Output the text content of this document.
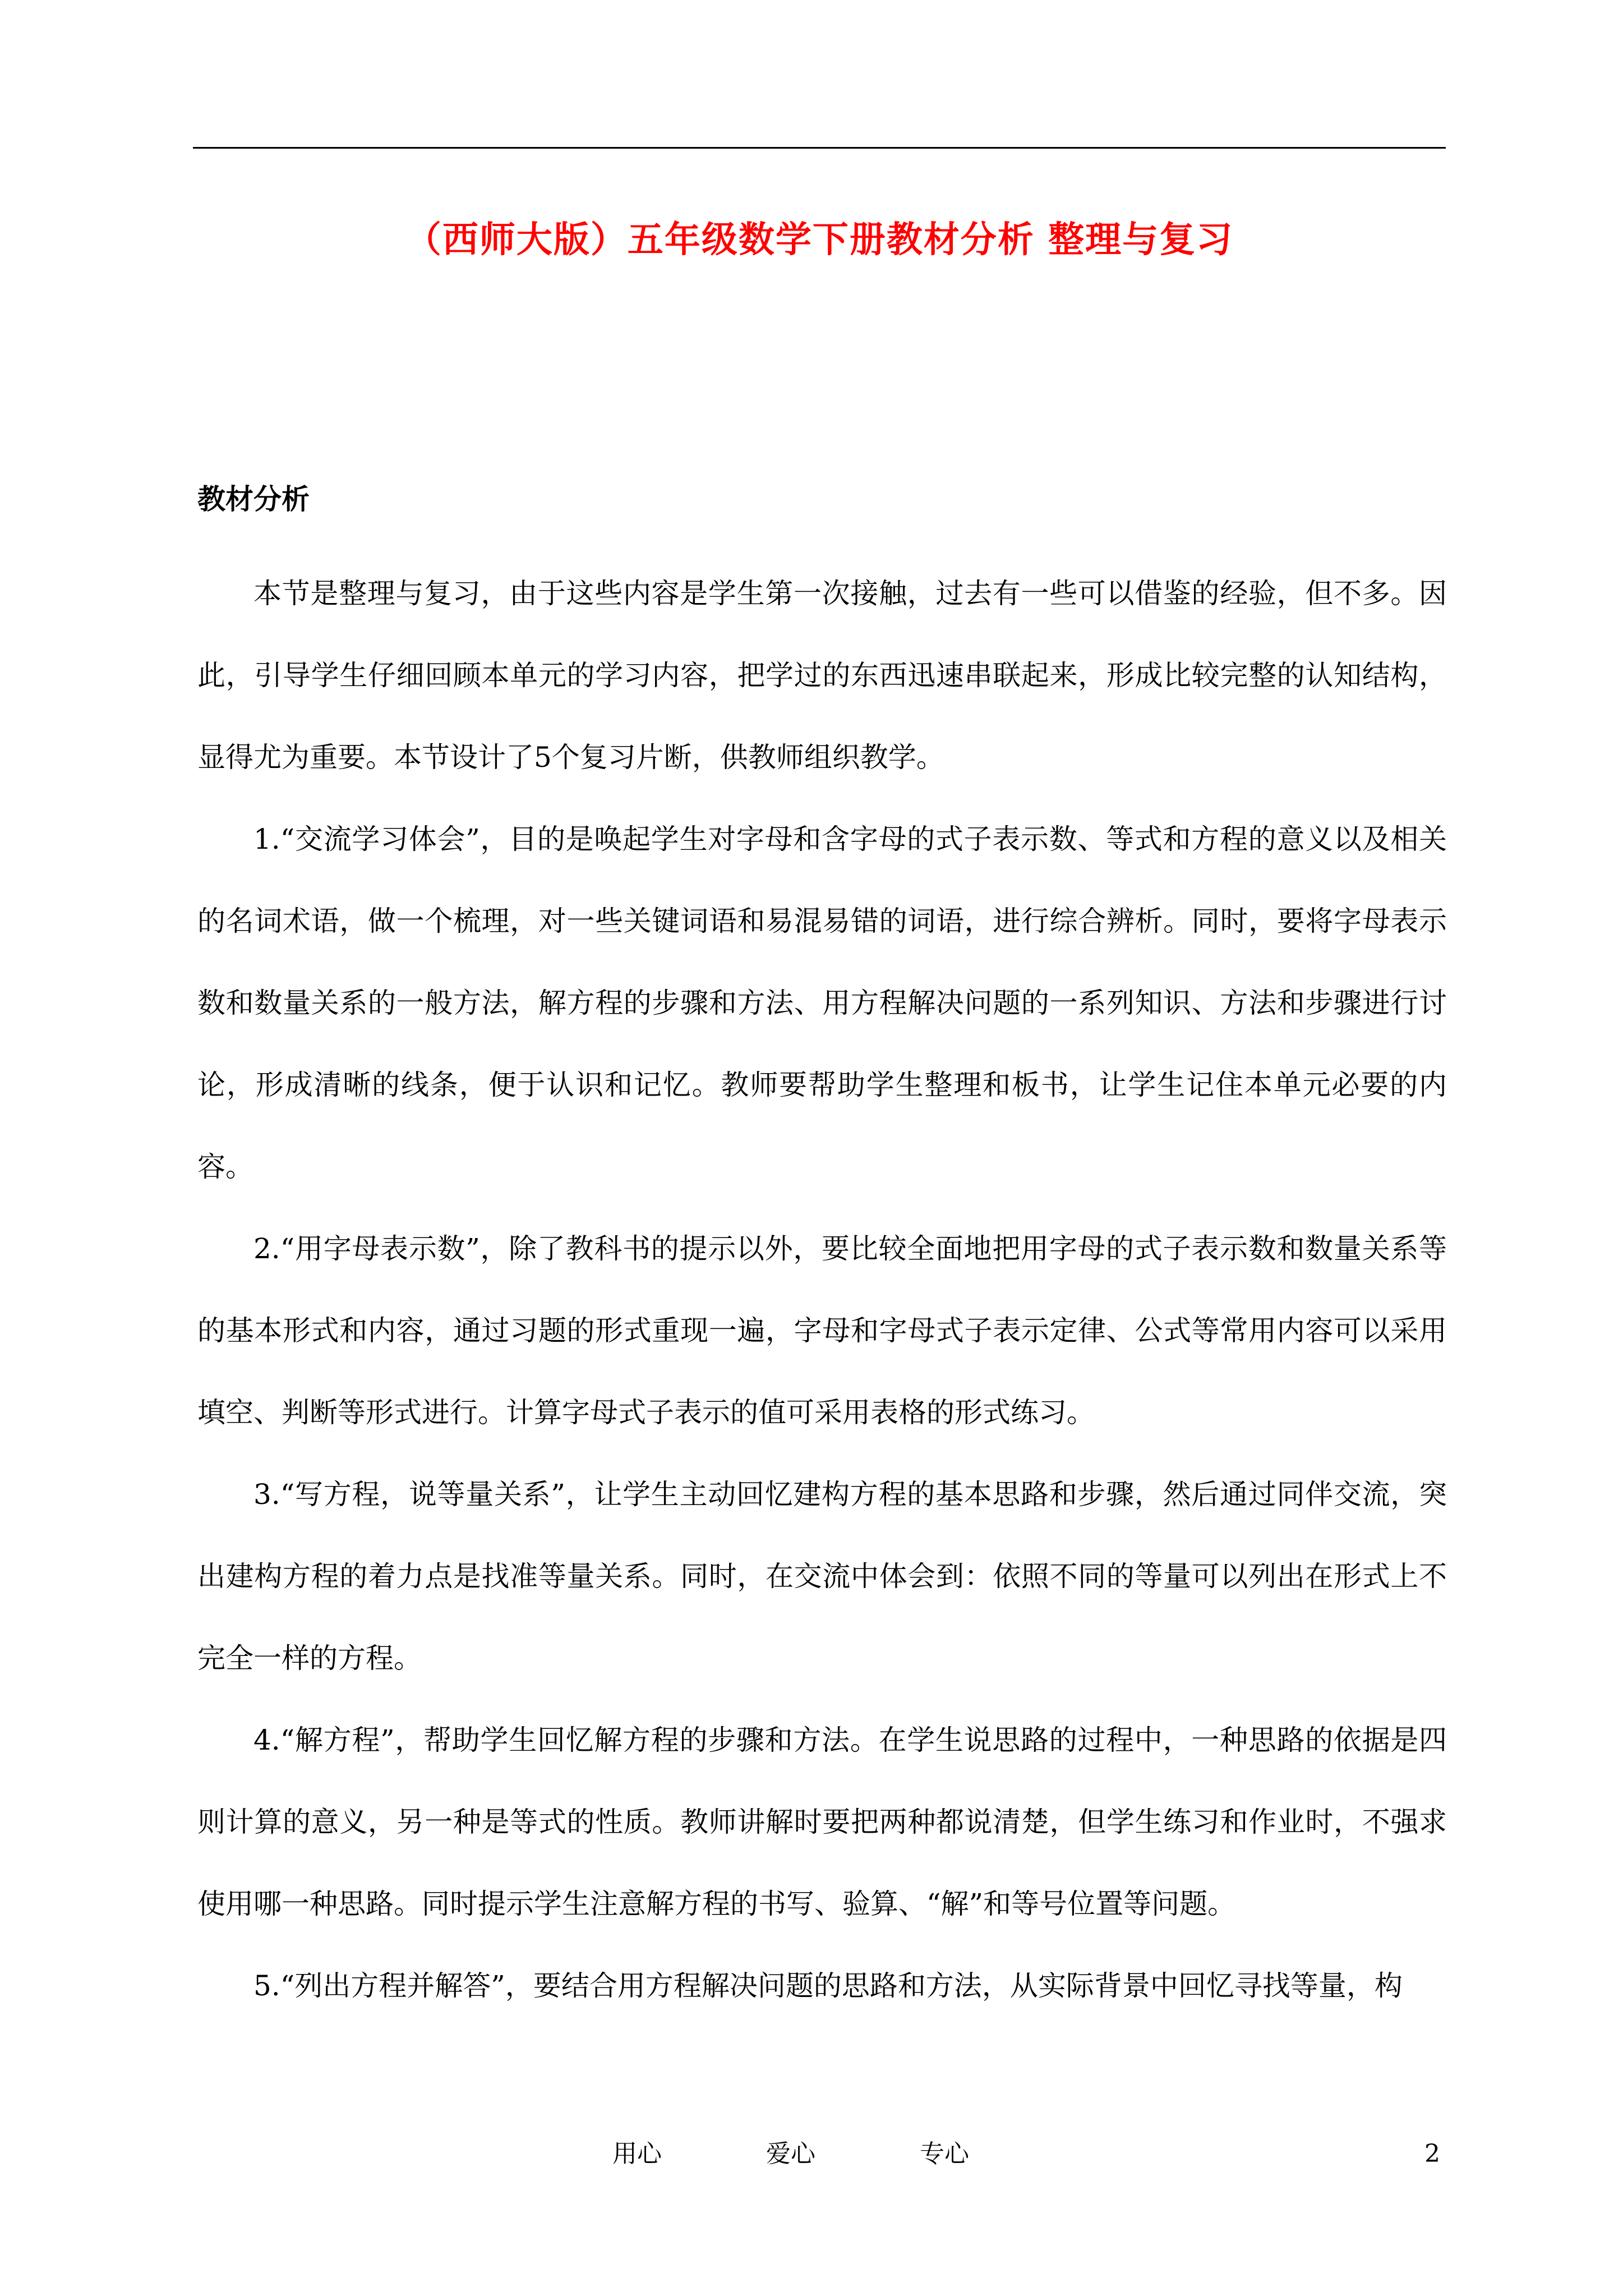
（西师大版）五年级数学下册教材分析 整理与复习
教材分析

本节是整理与复习，由于这些内容是学生第一次接触，过去有一些可以借鉴的经验，但不多。因此，引导学生仔细回顾本单元的学习内容，把学过的东西迅速串联起来，形成比较完整的认知结构，显得尤为重要。本节设计了5个复习片断，供教师组织教学。

1.“交流学习体会”，目的是唤起学生对字母和含字母的式子表示数、等式和方程的意义以及相关的名词术语，做一个梳理，对一些关键词语和易混易错的词语，进行综合辨析。同时，要将字母表示数和数量关系的一般方法，解方程的步骤和方法、用方程解决问题的一系列知识、方法和步骤进行讨论，形成清晰的线条，便于认识和记忆。教师要帮助学生整理和板书，让学生记住本单元必要的内容。

2.“用字母表示数”，除了教科书的提示以外，要比较全面地把用字母的式子表示数和数量关系等的基本形式和内容，通过习题的形式重现一遍，字母和字母式子表示定律、公式等常用内容可以采用填空、判断等形式进行。计算字母式子表示的值可采用表格的形式练习。

3.“写方程，说等量关系”，让学生主动回忆建构方程的基本思路和步骤，然后通过同伴交流，突出建构方程的着力点是找准等量关系。同时，在交流中体会到：依照不同的等量可以列出在形式上不完全一样的方程。

4.“解方程”，帮助学生回忆解方程的步骤和方法。在学生说思路的过程中，一种思路的依据是四则计算的意义，另一种是等式的性质。教师讲解时要把两种都说清楚，但学生练习和作业时，不强求使用哪一种思路。同时提示学生注意解方程的书写、验算、“解”和等号位置等问题。

5.“列出方程并解答”，要结合用方程解决问题的思路和方法，从实际背景中回忆寻找等量，构

用心	爱心	专心	2
